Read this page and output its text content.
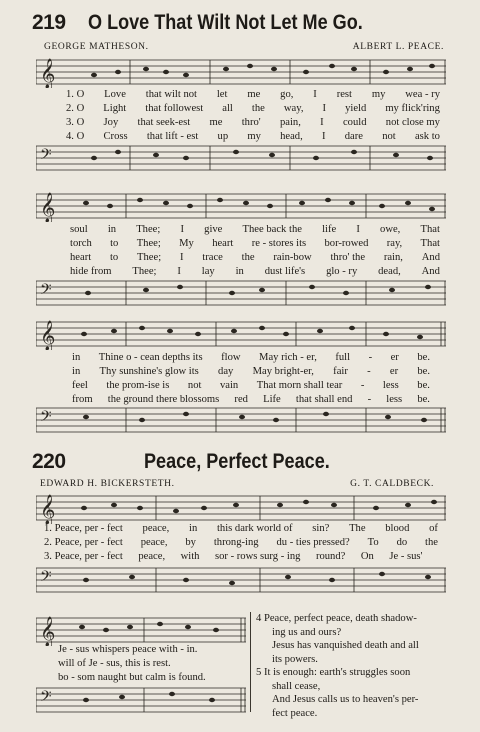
219 O Love That Wilt Not Let Me Go.
GEORGE MATHESON.	ALBERT L. PEACE.
𝄞
1. O Love that wilt not let me go, I rest my wea - ry
2. O Light that followest all the way, I yield my flick'ring
3. O Joy that seek-est me thro' pain, I could not close my
4. O Cross that lift - est up my head, I dare not ask to
𝄢
𝄞
soul in Thee; I give Thee back the life I owe, That
torch to Thee; My heart re - stores its bor-rowed ray, That
heart to Thee; I trace the rain-bow thro' the rain, And
hide from Thee; I lay in dust life's glo - ry dead, And
𝄢
𝄞
in Thine o - cean depths its flow May rich - er, full - er be.
in Thy sunshine's glow its day May bright-er, fair - er be.
feel the prom-ise is not vain That morn shall tear - less be.
from the ground there blossoms red Life that shall end - less be.
𝄢
220	Peace, Perfect Peace.
EDWARD H. BICKERSTETH.	G. T. CALDBECK.
𝄞
1. Peace, per - fect peace, in this dark world of sin? The blood of
2. Peace, per - fect peace, by throng-ing du - ties pressed? To do the
3. Peace, per - fect peace, with sor - rows surg - ing round? On Je - sus'
𝄢
𝄞
Je - sus whispers peace with - in.
will of Je - sus, this is rest.
bo - som naught but calm is found.
𝄢
4 Peace, perfect peace, death shadow-
ing us and ours?
Jesus has vanquished death and all
its powers.
5 It is enough: earth's struggles soon
shall cease,
And Jesus calls us to heaven's per-
fect peace.
